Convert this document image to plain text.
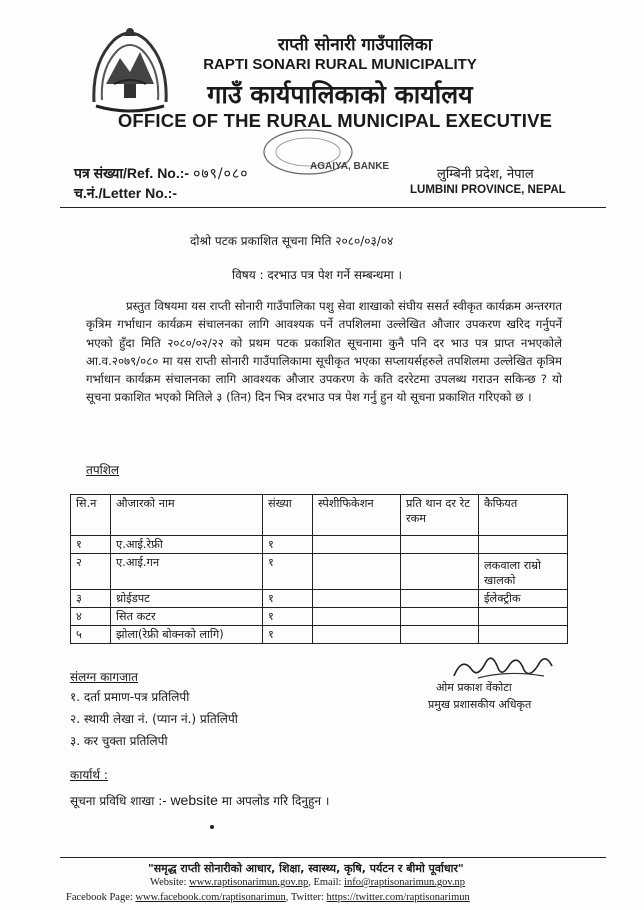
राप्ती सोनारी गाउँपालिका
RAPTI SONARI RURAL MUNICIPALITY
गाउँ कार्यपालिकाको कार्यालय
OFFICE OF THE RURAL MUNICIPAL EXECUTIVE
AGAIYA, BANKE
पत्र संख्या/Ref. No.:- ०७९/०८०
च.नं./Letter No.:-
लुम्बिनी प्रदेश, नेपाल
LUMBINI PROVINCE, NEPAL
दोश्रो पटक प्रकाशित सूचना मिति २०८०/०३/०४
विषय : दरभाउ पत्र पेश गर्ने सम्बन्धमा ।
प्रस्तुत विषयमा यस राप्ती सोनारी गाउँपालिका पशु सेवा शाखाको संघीय ससर्त स्वीकृत कार्यक्रम अन्तरगत कृत्रिम गर्भाधान कार्यक्रम संचालनका लागि आवश्यक पर्ने तपशिलमा उल्लेखित औजार उपकरण खरिद गर्नुपर्ने भएको हुँदा मिति २०८०/०२/२२ को प्रथम पटक प्रकाशित सूचनामा कुनै पनि दर भाउ पत्र प्राप्त नभएकोले आ.व.२०७९/०८० मा यस राप्ती सोनारी गाउँपालिकामा सूचीकृत भएका सप्लायर्सहरुले तपशिलमा उल्लेखित कृत्रिम गर्भाधान कार्यक्रम संचालनका लागि आवश्यक औजार उपकरण के कति दररेटमा उपलब्ध गराउन सकिन्छ ? यो सूचना प्रकाशित भएको मितिले ३ (तिन) दिन भित्र दरभाउ पत्र पेश गर्नु हुन यो सूचना प्रकाशित गरिएको छ ।
तपशिल
सि.न	औजारको नाम	संख्या	स्पेशीफिकेशन	प्रति थान दर रेट रकम	कैफियत
१	ए.आई.रेफ्री	१			
२	ए.आई.गन	१			लकवाला राम्रो खालको
३	थ्रोईडपट	१			ईलेक्ट्रीक
४	सित कटर	१			
५	झोला(रेफ्री बोक्नको लागि)	१			
संलग्न कागजात
१. दर्ता प्रमाण-पत्र प्रतिलिपी
२. स्थायी लेखा नं. (प्यान नं.) प्रतिलिपी
३. कर चुक्ता प्रतिलिपी
ओम प्रकाश वेंकोटा
प्रमुख प्रशासकीय अधिकृत
कार्यार्थ :
सूचना प्रविधि शाखा :- website मा अपलोड गरि दिनुहुन ।
"समृद्ध राप्ती सोनारीको आधार, शिक्षा, स्वास्थ्य, कृषि, पर्यटन र बीमो पूर्वाधार"
Website: www.raptisonarimun.gov.np, Email: info@raptisonarimun.gov.np
Facebook Page: www.facebook.com/raptisonarimun, Twitter: https://twitter.com/raptisonarimun
